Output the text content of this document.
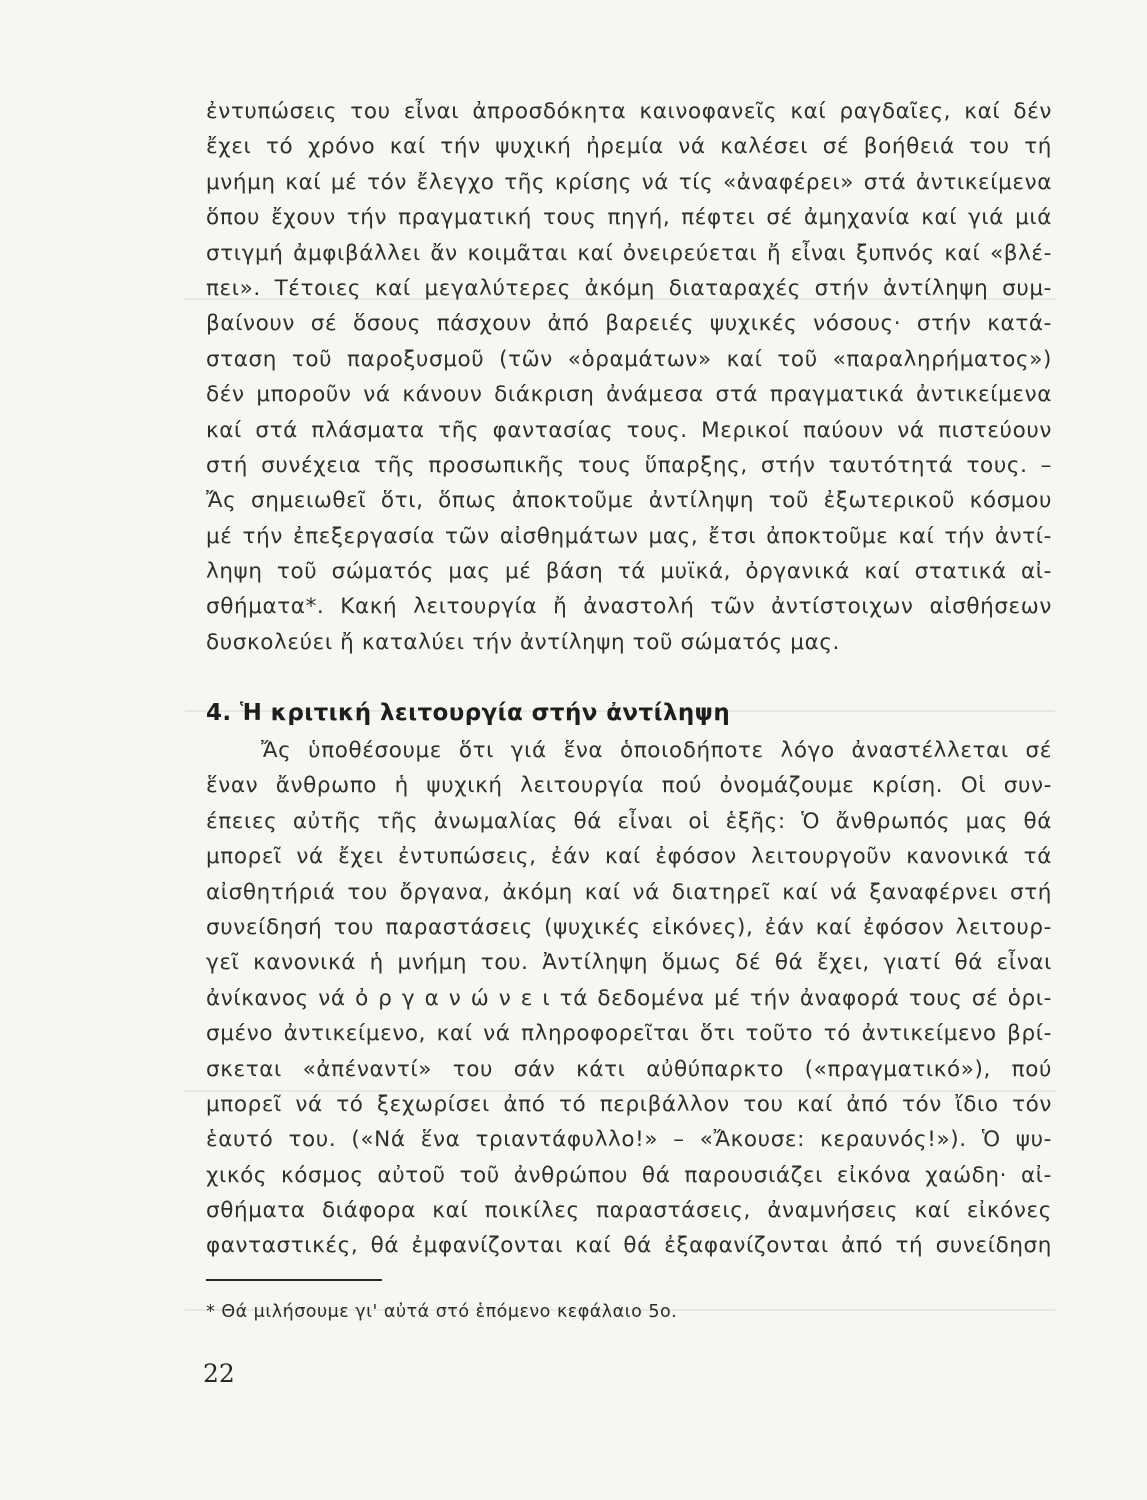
ἐντυπώσεις του εἶναι ἀπροσδόκητα καινοφανεῖς καί ραγδαῖες, καί δέν
ἔχει τό χρόνο καί τήν ψυχική ἠρεμία νά καλέσει σέ βοήθειά του τή
μνήμη καί μέ τόν ἔλεγχο τῆς κρίσης νά τίς «ἀναφέρει» στά ἀντικείμενα
ὅπου ἔχουν τήν πραγματική τους πηγή, πέφτει σέ ἀμηχανία καί γιά μιά
στιγμή ἀμφιβάλλει ἄν κοιμᾶται καί ὀνειρεύεται ἤ εἶναι ξυπνός καί «βλέ-
πει». Τέτοιες καί μεγαλύτερες ἀκόμη διαταραχές στήν ἀντίληψη συμ-
βαίνουν σέ ὅσους πάσχουν ἀπό βαρειές ψυχικές νόσους· στήν κατά-
σταση τοῦ παροξυσμοῦ (τῶν «ὁραμάτων» καί τοῦ «παραληρήματος»)
δέν μποροῦν νά κάνουν διάκριση ἀνάμεσα στά πραγματικά ἀντικείμενα
καί στά πλάσματα τῆς φαντασίας τους. Μερικοί παύουν νά πιστεύουν
στή συνέχεια τῆς προσωπικῆς τους ὕπαρξης, στήν ταυτότητά τους. –
Ἄς σημειωθεῖ ὅτι, ὅπως ἀποκτοῦμε ἀντίληψη τοῦ ἐξωτερικοῦ κόσμου
μέ τήν ἐπεξεργασία τῶν αἰσθημάτων μας, ἔτσι ἀποκτοῦμε καί τήν ἀντί-
ληψη τοῦ σώματός μας μέ βάση τά μυϊκά, ὀργανικά καί στατικά αἰ-
σθήματα*. Κακή λειτουργία ἤ ἀναστολή τῶν ἀντίστοιχων αἰσθήσεων
δυσκολεύει ἤ καταλύει τήν ἀντίληψη τοῦ σώματός μας.
4. Ἡ κριτική λειτουργία στήν ἀντίληψη
Ἄς ὑποθέσουμε ὅτι γιά ἕνα ὁποιοδήποτε λόγο ἀναστέλλεται σέ
ἕναν ἄνθρωπο ἡ ψυχική λειτουργία πού ὀνομάζουμε κρίση. Οἱ συν-
έπειες αὐτῆς τῆς ἀνωμαλίας θά εἶναι οἱ ἑξῆς: Ὁ ἄνθρωπός μας θά
μπορεῖ νά ἔχει ἐντυπώσεις, ἐάν καί ἐφόσον λειτουργοῦν κανονικά τά
αἰσθητήριά του ὄργανα, ἀκόμη καί νά διατηρεῖ καί νά ξαναφέρνει στή
συνείδησή του παραστάσεις (ψυχικές εἰκόνες), ἐάν καί ἐφόσον λειτουρ-
γεῖ κανονικά ἡ μνήμη του. Ἀντίληψη ὅμως δέ θά ἔχει, γιατί θά εἶναι
ἀνίκανος νά ὀ ρ γ α ν ώ ν ε ι τά δεδομένα μέ τήν ἀναφορά τους σέ ὁρι-
σμένο ἀντικείμενο, καί νά πληροφορεῖται ὅτι τοῦτο τό ἀντικείμενο βρί-
σκεται «ἀπέναντί» του σάν κάτι αὐθύπαρκτο («πραγματικό»), πού
μπορεῖ νά τό ξεχωρίσει ἀπό τό περιβάλλον του καί ἀπό τόν ἴδιο τόν
ἑαυτό του. («Νά ἕνα τριαντάφυλλο!» – «Ἄκουσε: κεραυνός!»). Ὁ ψυ-
χικός κόσμος αὐτοῦ τοῦ ἀνθρώπου θά παρουσιάζει εἰκόνα χαώδη· αἰ-
σθήματα διάφορα καί ποικίλες παραστάσεις, ἀναμνήσεις καί εἰκόνες
φανταστικές, θά ἐμφανίζονται καί θά ἐξαφανίζονται ἀπό τή συνείδηση
* Θά μιλήσουμε γι' αὐτά στό ἑπόμενο κεφάλαιο 5ο.
22
